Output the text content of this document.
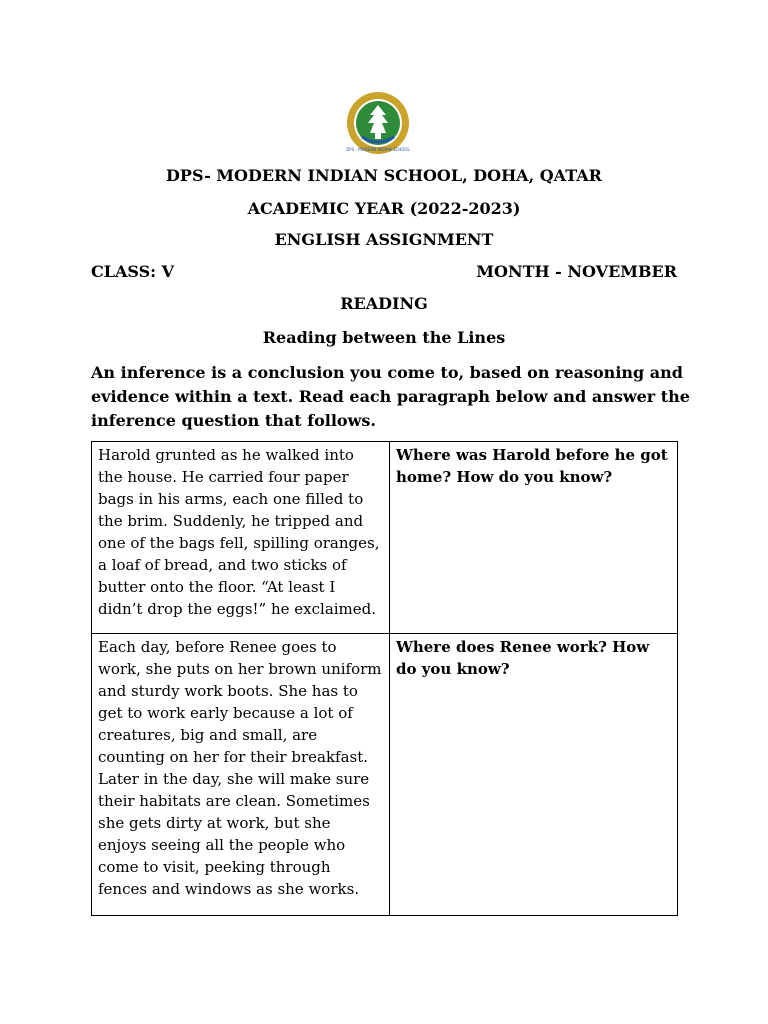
DPS - MODERN INDIAN SCHOOL
DPS- MODERN INDIAN SCHOOL, DOHA, QATAR
ACADEMIC YEAR (2022-2023)
ENGLISH ASSIGNMENT
CLASS: V	MONTH - NOVEMBER
READING
Reading between the Lines
An inference is a conclusion you come to, based on reasoning and evidence within a text. Read each paragraph below and answer the inference question that follows.
Harold grunted as he walked into the house. He carried four paper bags in his arms, each one filled to the brim. Suddenly, he tripped and one of the bags fell, spilling oranges, a loaf of bread, and two sticks of butter onto the floor. “At least I didn’t drop the eggs!” he exclaimed.	Where was Harold before he got home? How do you know?
Each day, before Renee goes to work, she puts on her brown uniform and sturdy work boots. She has to get to work early because a lot of creatures, big and small, are counting on her for their breakfast. Later in the day, she will make sure their habitats are clean. Sometimes she gets dirty at work, but she enjoys seeing all the people who come to visit, peeking through fences and windows as she works.	Where does Renee work? How do you know?
